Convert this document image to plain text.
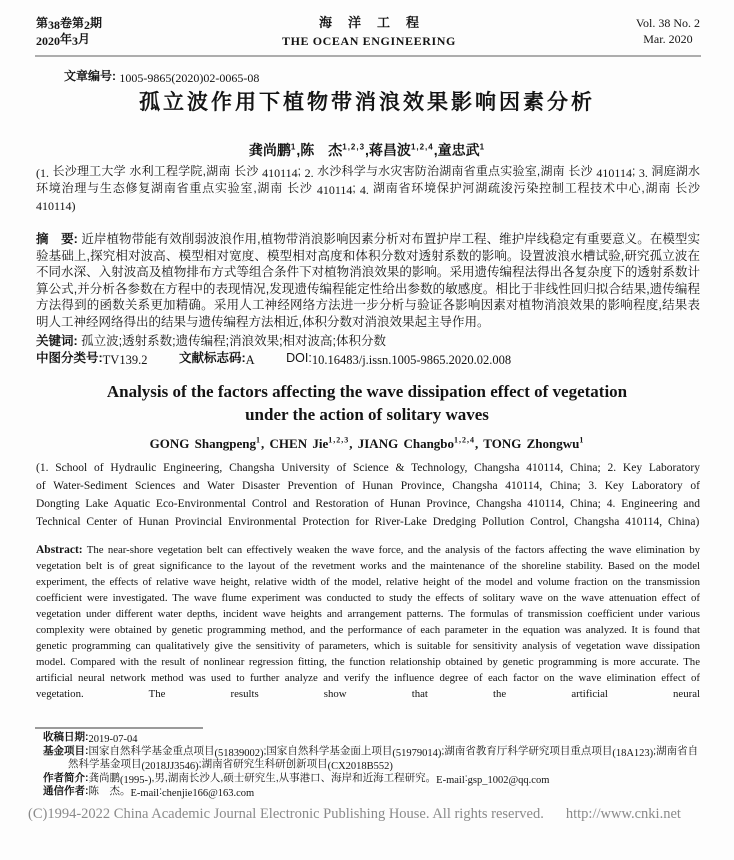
第38卷第2期
2020年3月
海洋工程
THE OCEAN ENGINEERING
Vol. 38 No. 2
Mar. 2020
文章编号: 1005-9865(2020)02-0065-08
孤立波作用下植物带消浪效果影响因素分析
龚尚鹏$^1$,陈　杰$^{1,2,3}$,蒋昌波$^{1,2,4}$,童忠武$^1$

(1. 长沙理工大学 水利工程学院,湖南 长沙 410114; 2. 水沙科学与水灾害防治湖南省重点实验室,湖南 长沙 410114; 3. 洞庭湖水环境治理与生态修复湖南省重点实验室,湖南 长沙 410114; 4. 湖南省环境保护河湖疏浚污染控制工程技术中心,湖南 长沙 410114)

摘　要: 近岸植物带能有效削弱波浪作用,植物带消浪影响因素分析对布置护岸工程、维护岸线稳定有重要意义。在模型实验基础上,探究相对波高、模型相对宽度、模型相对高度和体积分数对透射系数的影响。设置波浪水槽试验,研究孤立波在不同水深、入射波高及植物排布方式等组合条件下对植物消浪效果的影响。采用遗传编程法得出各复杂度下的透射系数计算公式,并分析各参数在方程中的表现情况,发现遗传编程能定性给出参数的敏感度。相比于非线性回归拟合结果,遗传编程方法得到的函数关系更加精确。采用人工神经网络方法进一步分析与验证各影响因素对植物消浪效果的影响程度,结果表明人工神经网络得出的结果与遗传编程方法相近,体积分数对消浪效果起主导作用。

关键词: 孤立波;透射系数;遗传编程;消浪效果;相对波高;体积分数

中图分类号:TV139.2	文献标志码:A	DOI:10.16483/j.issn.1005-9865.2020.02.008

Analysis of the factors affecting the wave dissipation effect of vegetation under the action of solitary waves
GONG Shangpeng$^1$, CHEN Jie$^{1,2,3}$, JIANG Changbo$^{1,2,4}$, TONG Zhongwu$^1$

(1. School of Hydraulic Engineering, Changsha University of Science & Technology, Changsha 410114, China; 2. Key Laboratory of Water-Sediment Sciences and Water Disaster Prevention of Hunan Province, Changsha 410114, China; 3. Key Laboratory of Dongting Lake Aquatic Eco-Environmental Control and Restoration of Hunan Province, Changsha 410114, China; 4. Engineering and Technical Center of Hunan Provincial Environmental Protection for River-Lake Dredging Pollution Control, Changsha 410114, China)

Abstract: The near-shore vegetation belt can effectively weaken the wave force, and the analysis of the factors affecting the wave elimination by vegetation belt is of great significance to the layout of the revetment works and the maintenance of the shoreline stability. Based on the model experiment, the effects of relative wave height, relative width of the model, relative height of the model and volume fraction on the transmission coefficient were investigated. The wave flume experiment was conducted to study the effects of solitary wave on the wave attenuation effect of vegetation under different water depths, incident wave heights and arrangement patterns. The formulas of transmission coefficient under various complexity were obtained by genetic programming method, and the performance of each parameter in the equation was analyzed. It is found that genetic programming can qualitatively give the sensitivity of parameters, which is suitable for sensitivity analysis of vegetation wave dissipation model. Compared with the result of nonlinear regression fitting, the function relationship obtained by genetic programming is more accurate. The artificial neural network method was used to further analyze and verify the influence degree of each factor on the wave elimination effect of vegetation. The results show that the artificial neural

收稿日期:2019-07-04

基金项目:国家自然科学基金重点项目(51839002);国家自然科学基金面上项目(51979014);湖南省教育厅科学研究项目重点项目(18A123);湖南省自然科学基金项目(2018JJ3546);湖南省研究生科研创新项目(CX2018B552)

作者简介:龚尚鹏(1995-),男,湖南长沙人,硕士研究生,从事港口、海岸和近海工程研究。E-mail:gsp_1002@qq.com

通信作者:陈　杰。E-mail:chenjie166@163.com

(C)1994-2022 China Academic Journal Electronic Publishing House. All rights reserved. http://www.cnki.net
